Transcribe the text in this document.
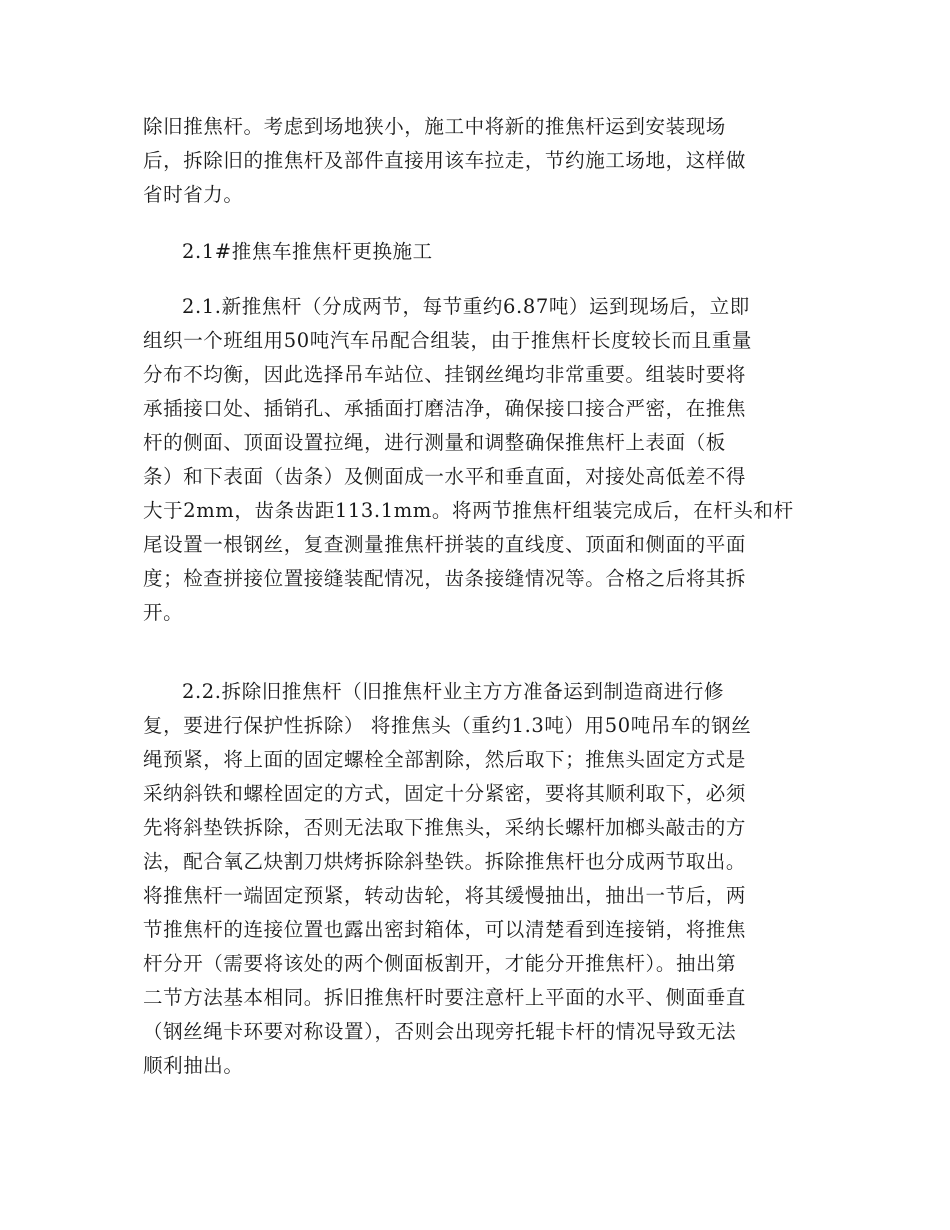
除旧推焦杆。考虑到场地狭小，施工中将新的推焦杆运到安装现场
后，拆除旧的推焦杆及部件直接用该车拉走，节约施工场地，这样做
省时省力。
2.1#推焦车推焦杆更换施工
2.1.新推焦杆（分成两节，每节重约6.87吨）运到现场后，立即
组织一个班组用50吨汽车吊配合组装，由于推焦杆长度较长而且重量
分布不均衡，因此选择吊车站位、挂钢丝绳均非常重要。组装时要将
承插接口处、插销孔、承插面打磨洁净，确保接口接合严密，在推焦
杆的侧面、顶面设置拉绳，进行测量和调整确保推焦杆上表面（板
条）和下表面（齿条）及侧面成一水平和垂直面，对接处高低差不得
大于2mm，齿条齿距113.1mm。将两节推焦杆组装完成后，在杆头和杆
尾设置一根钢丝，复查测量推焦杆拼装的直线度、顶面和侧面的平面
度；检查拼接位置接缝装配情况，齿条接缝情况等。合格之后将其拆
开。
2.2.拆除旧推焦杆（旧推焦杆业主方方准备运到制造商进行修
复，要进行保护性拆除） 将推焦头（重约1.3吨）用50吨吊车的钢丝
绳预紧，将上面的固定螺栓全部割除，然后取下；推焦头固定方式是
采纳斜铁和螺栓固定的方式，固定十分紧密，要将其顺利取下，必须
先将斜垫铁拆除，否则无法取下推焦头，采纳长螺杆加榔头敲击的方
法，配合氧乙炔割刀烘烤拆除斜垫铁。拆除推焦杆也分成两节取出。
将推焦杆一端固定预紧，转动齿轮，将其缓慢抽出，抽出一节后，两
节推焦杆的连接位置也露出密封箱体，可以清楚看到连接销，将推焦
杆分开（需要将该处的两个侧面板割开，才能分开推焦杆）。抽出第
二节方法基本相同。拆旧推焦杆时要注意杆上平面的水平、侧面垂直
（钢丝绳卡环要对称设置），否则会出现旁托辊卡杆的情况导致无法
顺利抽出。
